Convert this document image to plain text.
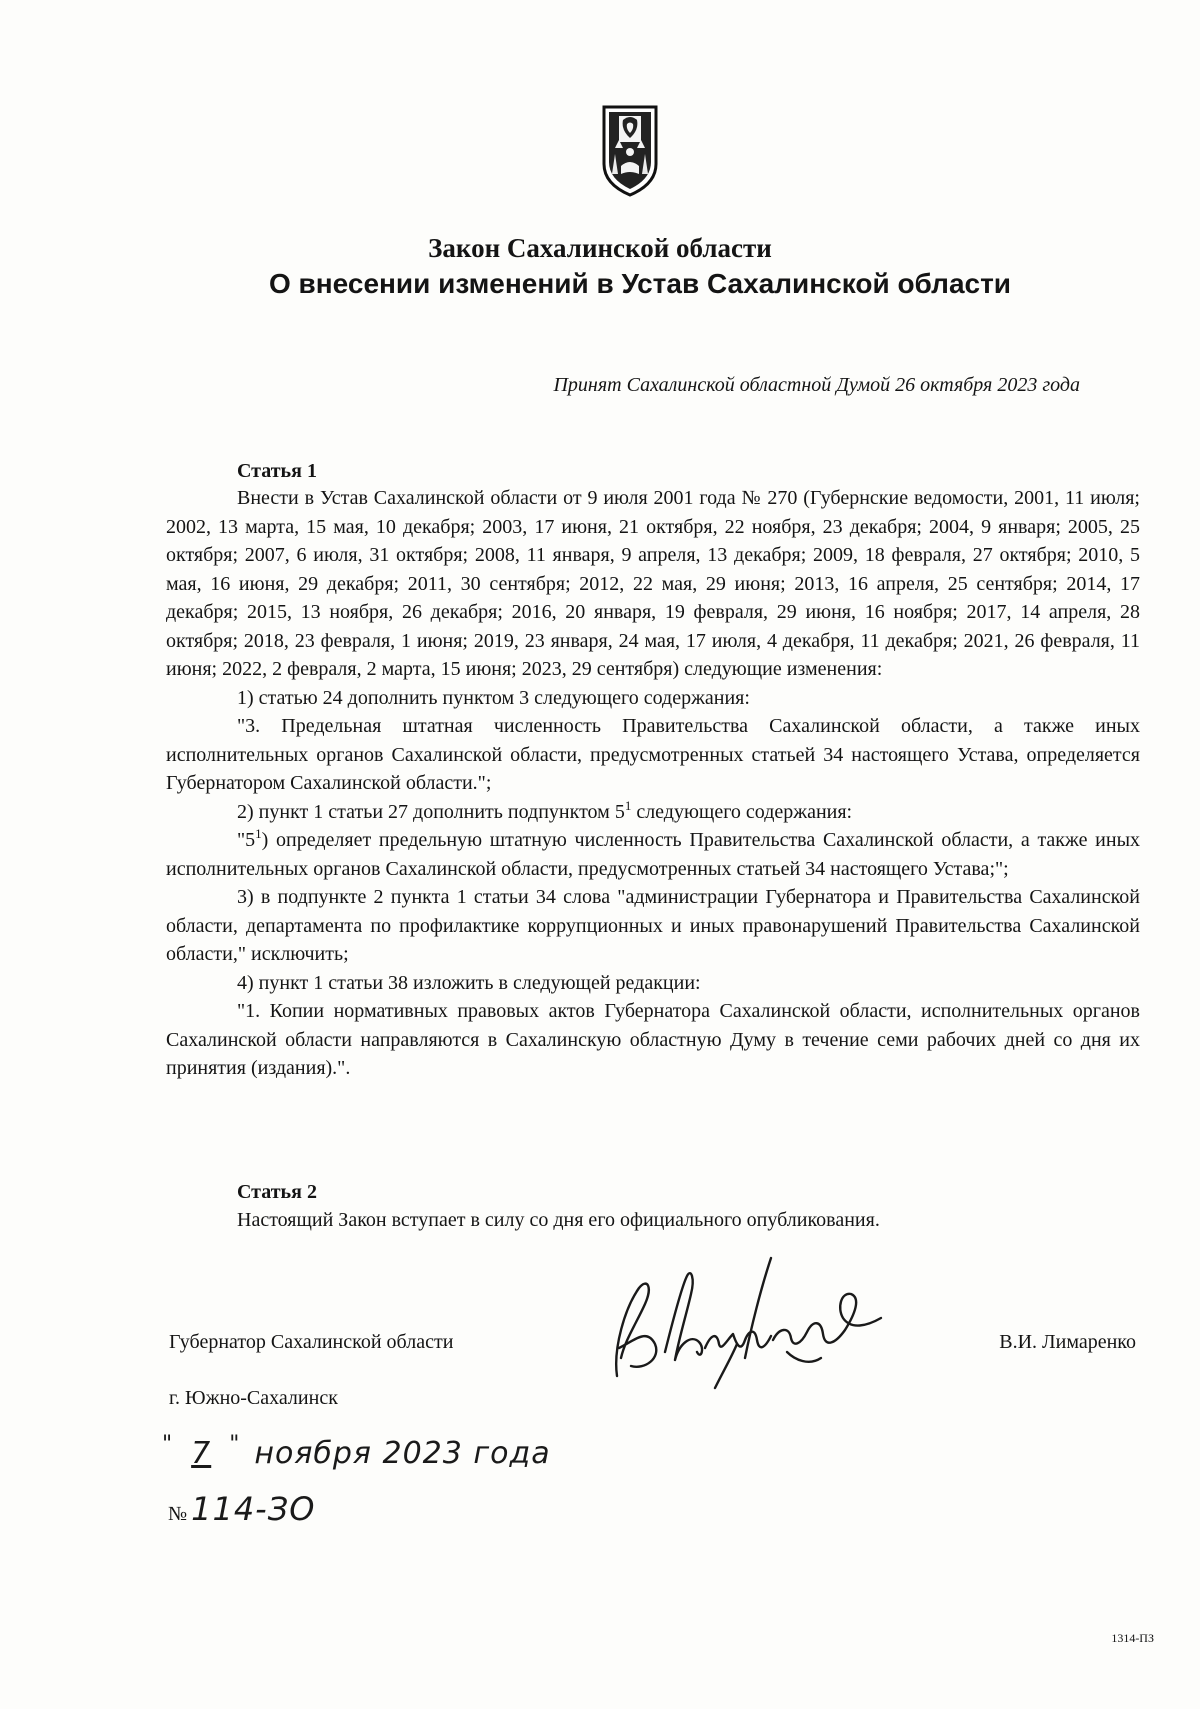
Закон Сахалинской области
О внесении изменений в Устав Сахалинской области
Принят Сахалинской областной Думой 26 октября 2023 года
Статья 1

Внести в Устав Сахалинской области от 9 июля 2001 года № 270 (Губернские ведомости, 2001, 11 июля; 2002, 13 марта, 15 мая, 10 декабря; 2003, 17 июня, 21 октября, 22 ноября, 23 декабря; 2004, 9 января; 2005, 25 октября; 2007, 6 июля, 31 октября; 2008, 11 января, 9 апреля, 13 декабря; 2009, 18 февраля, 27 октября; 2010, 5 мая, 16 июня, 29 декабря; 2011, 30 сентября; 2012, 22 мая, 29 июня; 2013, 16 апреля, 25 сентября; 2014, 17 декабря; 2015, 13 ноября, 26 декабря; 2016, 20 января, 19 февраля, 29 июня, 16 ноября; 2017, 14 апреля, 28 октября; 2018, 23 февраля, 1 июня; 2019, 23 января, 24 мая, 17 июля, 4 декабря, 11 декабря; 2021, 26 февраля, 11 июня; 2022, 2 февраля, 2 марта, 15 июня; 2023, 29 сентября) следующие изменения:

1) статью 24 дополнить пунктом 3 следующего содержания:

"3. Предельная штатная численность Правительства Сахалинской области, а также иных исполнительных органов Сахалинской области, предусмотренных статьей 34 настоящего Устава, определяется Губернатором Сахалинской области.";

2) пункт 1 статьи 27 дополнить подпунктом $5^1$ следующего содержания:

"$5^1$) определяет предельную штатную численность Правительства Сахалинской области, а также иных исполнительных органов Сахалинской области, предусмотренных статьей 34 настоящего Устава;";

3) в подпункте 2 пункта 1 статьи 34 слова "администрации Губернатора и Правительства Сахалинской области, департамента по профилактике коррупционных и иных правонарушений Правительства Сахалинской области," исключить;

4) пункт 1 статьи 38 изложить в следующей редакции:

"1. Копии нормативных правовых актов Губернатора Сахалинской области, исполнительных органов Сахалинской области направляются в Сахалинскую областную Думу в течение семи рабочих дней со дня их принятия (издания).".

Статья 2

Настоящий Закон вступает в силу со дня его официального опубликования.

Губернатор Сахалинской области	В.И. Лимаренко
г. Южно-Сахалинск
" 7 " ноября 2023 года
№ 114-ЗО
1314-ПЗ
